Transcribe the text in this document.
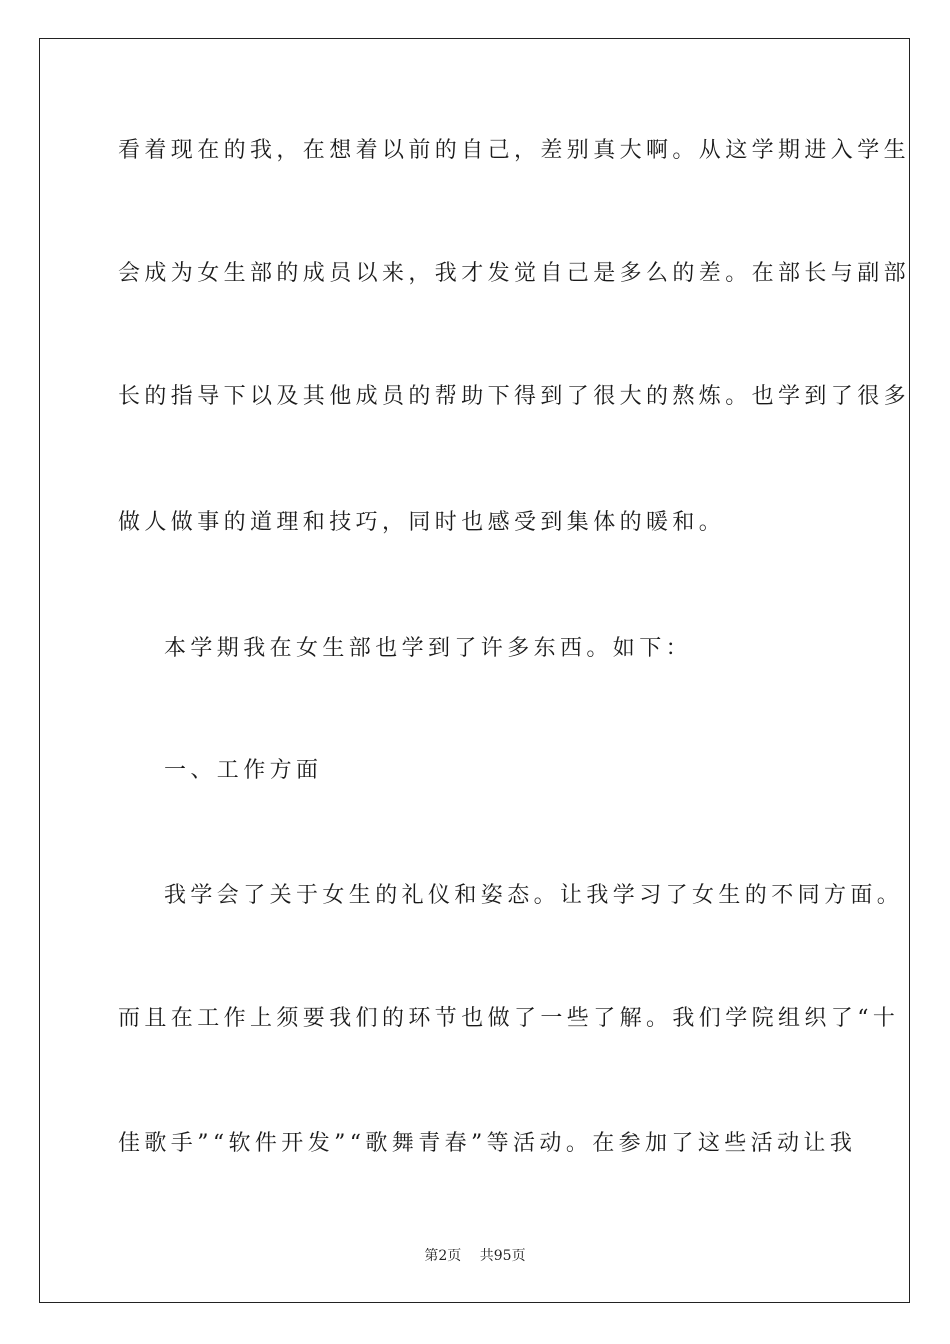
看着现在的我，在想着以前的自己，差别真大啊。从这学期进入学生
会成为女生部的成员以来，我才发觉自己是多么的差。在部长与副部
长的指导下以及其他成员的帮助下得到了很大的熬炼。也学到了很多
做人做事的道理和技巧，同时也感受到集体的暖和。
本学期我在女生部也学到了许多东西。如下：
一、工作方面
我学会了关于女生的礼仪和姿态。让我学习了女生的不同方面。
而且在工作上须要我们的环节也做了一些了解。我们学院组织了“十
佳歌手”“软件开发”“歌舞青春”等活动。在参加了这些活动让我
第2页 共95页
